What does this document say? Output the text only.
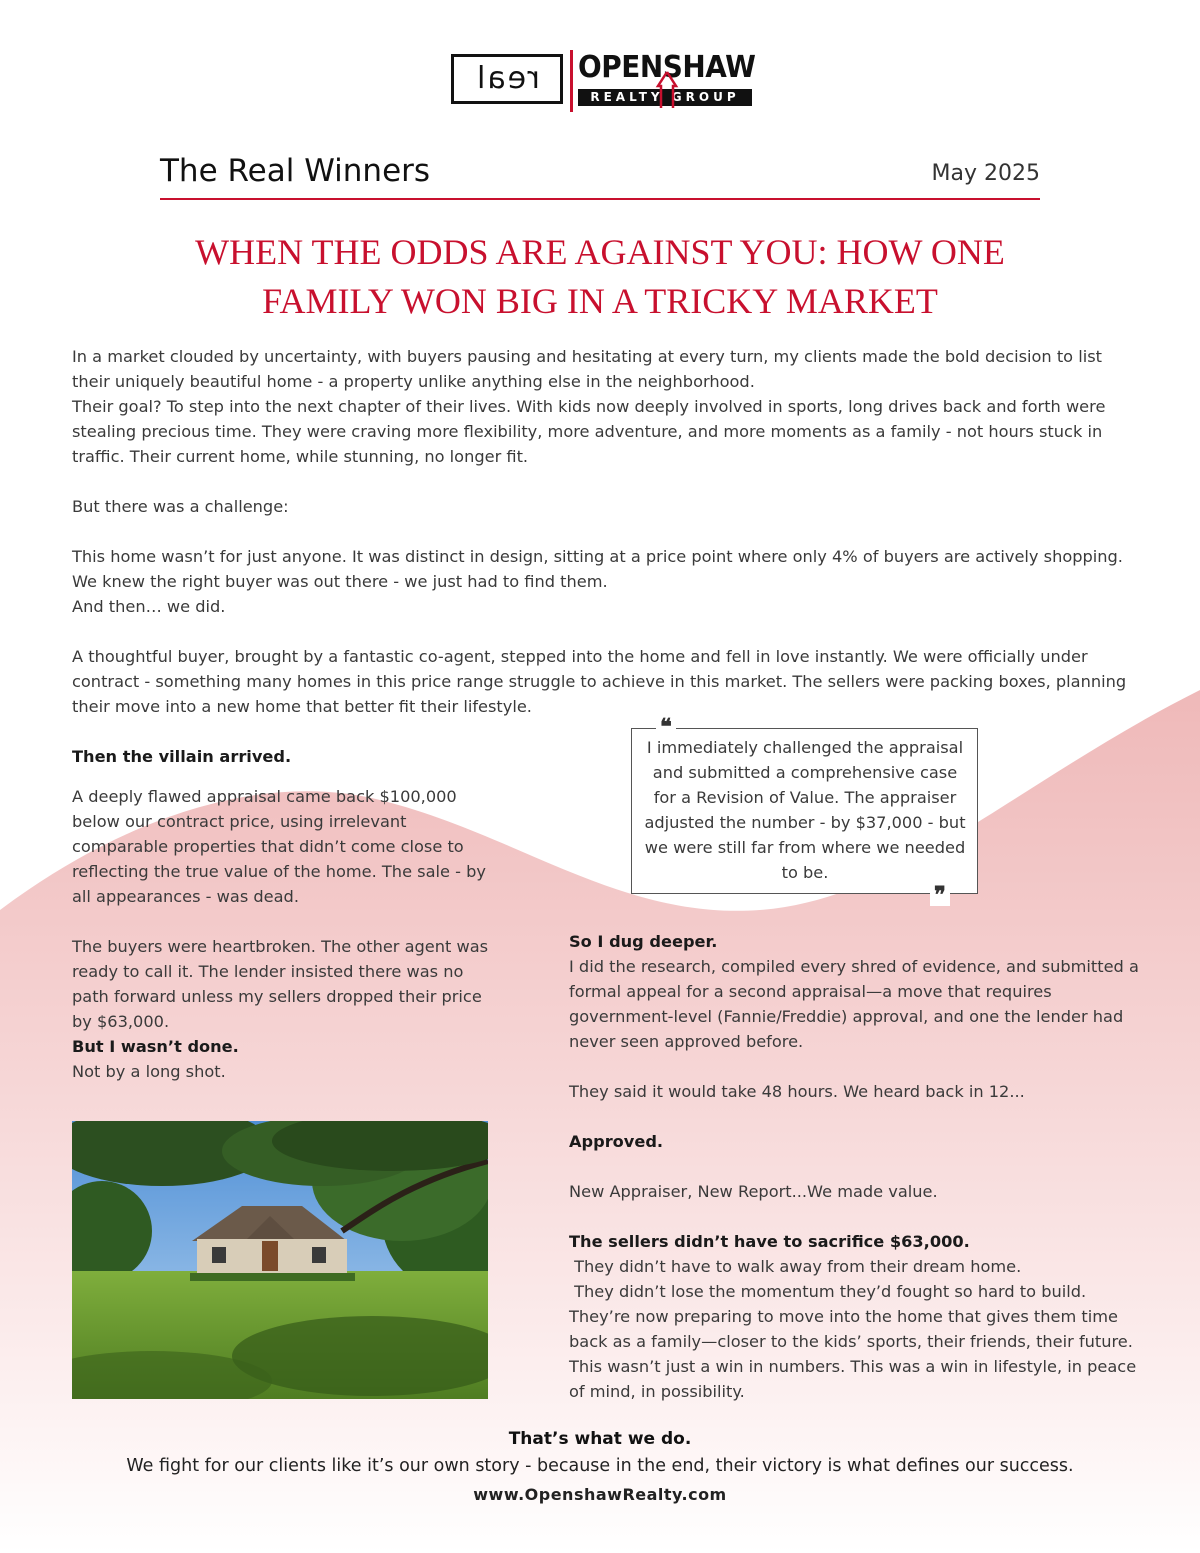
real OPENSHAW
REALTY GROUP
The Real Winners	May 2025
WHEN THE ODDS ARE AGAINST YOU: HOW ONE
FAMILY WON BIG IN A TRICKY MARKET

In a market clouded by uncertainty, with buyers pausing and hesitating at every turn, my clients made the bold decision to list their uniquely beautiful home - a property unlike anything else in the neighborhood.

Their goal? To step into the next chapter of their lives. With kids now deeply involved in sports, long drives back and forth were stealing precious time. They were craving more flexibility, more adventure, and more moments as a family - not hours stuck in traffic. Their current home, while stunning, no longer fit.

But there was a challenge:

This home wasn’t for just anyone. It was distinct in design, sitting at a price point where only 4% of buyers are actively shopping.

We knew the right buyer was out there - we just had to find them.

And then… we did.

A thoughtful buyer, brought by a fantastic co-agent, stepped into the home and fell in love instantly. We were officially under contract - something many homes in this price range struggle to achieve in this market. The sellers were packing boxes, planning their move into a new home that better fit their lifestyle.

Then the villain arrived.

A deeply flawed appraisal came back $100,000 below our contract price, using irrelevant comparable properties that didn’t come close to reflecting the true value of the home. The sale - by all appearances - was dead.

The buyers were heartbroken. The other agent was ready to call it. The lender insisted there was no path forward unless my sellers dropped their price by $63,000.

But I wasn’t done.

Not by a long shot.

I immediately challenged the appraisal and submitted a comprehensive case for a Revision of Value. The appraiser adjusted the number - by $37,000 - but we were still far from where we needed to be.
❝
❞

So I dug deeper.

I did the research, compiled every shred of evidence, and submitted a formal appeal for a second appraisal—a move that requires government-level (Fannie/Freddie) approval, and one the lender had never seen approved before.

They said it would take 48 hours. We heard back in 12...

Approved.

New Appraiser, New Report...We made value.

The sellers didn’t have to sacrifice $63,000.

They didn’t have to walk away from their dream home.

They didn’t lose the momentum they’d fought so hard to build.

They’re now preparing to move into the home that gives them time back as a family—closer to the kids’ sports, their friends, their future.

This wasn’t just a win in numbers. This was a win in lifestyle, in peace of mind, in possibility.

That’s what we do.
We fight for our clients like it’s our own story - because in the end, their victory is what defines our success.
www.OpenshawRealty.com
